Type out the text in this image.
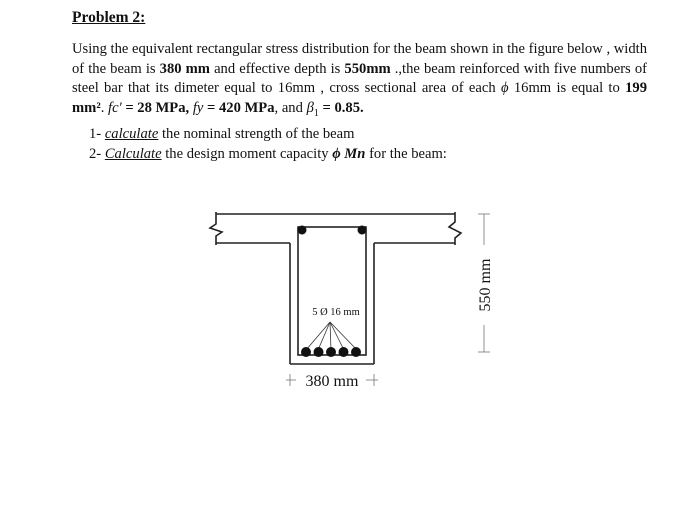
Problem 2:
Using the equivalent rectangular stress distribution for the beam shown in the figure below , width of the beam is 380 mm and effective depth is 550mm .,the beam reinforced with five numbers of steel bar that its dimeter equal to 16mm , cross sectional area of each ϕ 16mm is equal to 199 mm². fc' = 28 MPa, fy = 420 MPa, and $\beta_1 = 0.85$.
1- calculate the nominal strength of the beam
2- Calculate the design moment capacity ϕ Mn for the beam:
5 Ø 16 mm
380 mm
550 mm
